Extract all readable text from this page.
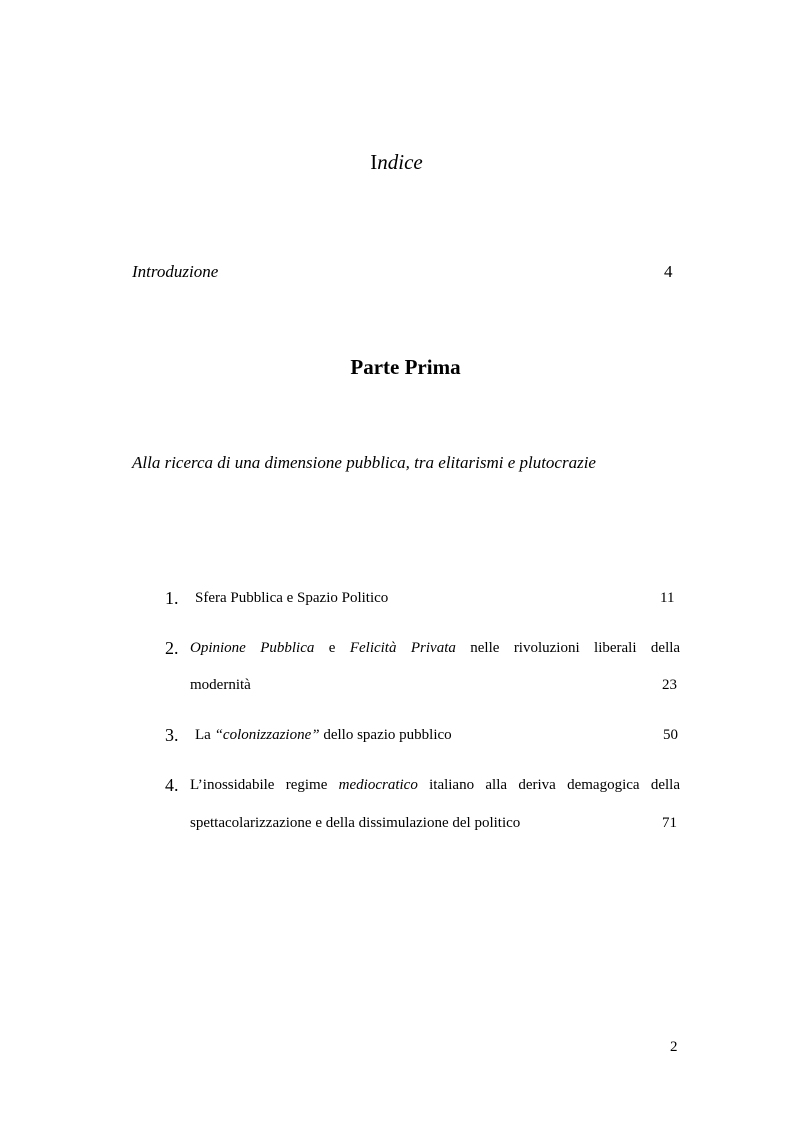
Indice
Introduzione	4
Parte Prima
Alla ricerca di una dimensione pubblica, tra elitarismi e plutocrazie
1. Sfera Pubblica e Spazio Politico	11
2. Opinione Pubblica e Felicità Privata nelle rivoluzioni liberali della
modernità	23
3. La “colonizzazione” dello spazio pubblico	50
4. L’inossidabile regime mediocratico italiano alla deriva demagogica della
spettacolarizzazione e della dissimulazione del politico	71
2
